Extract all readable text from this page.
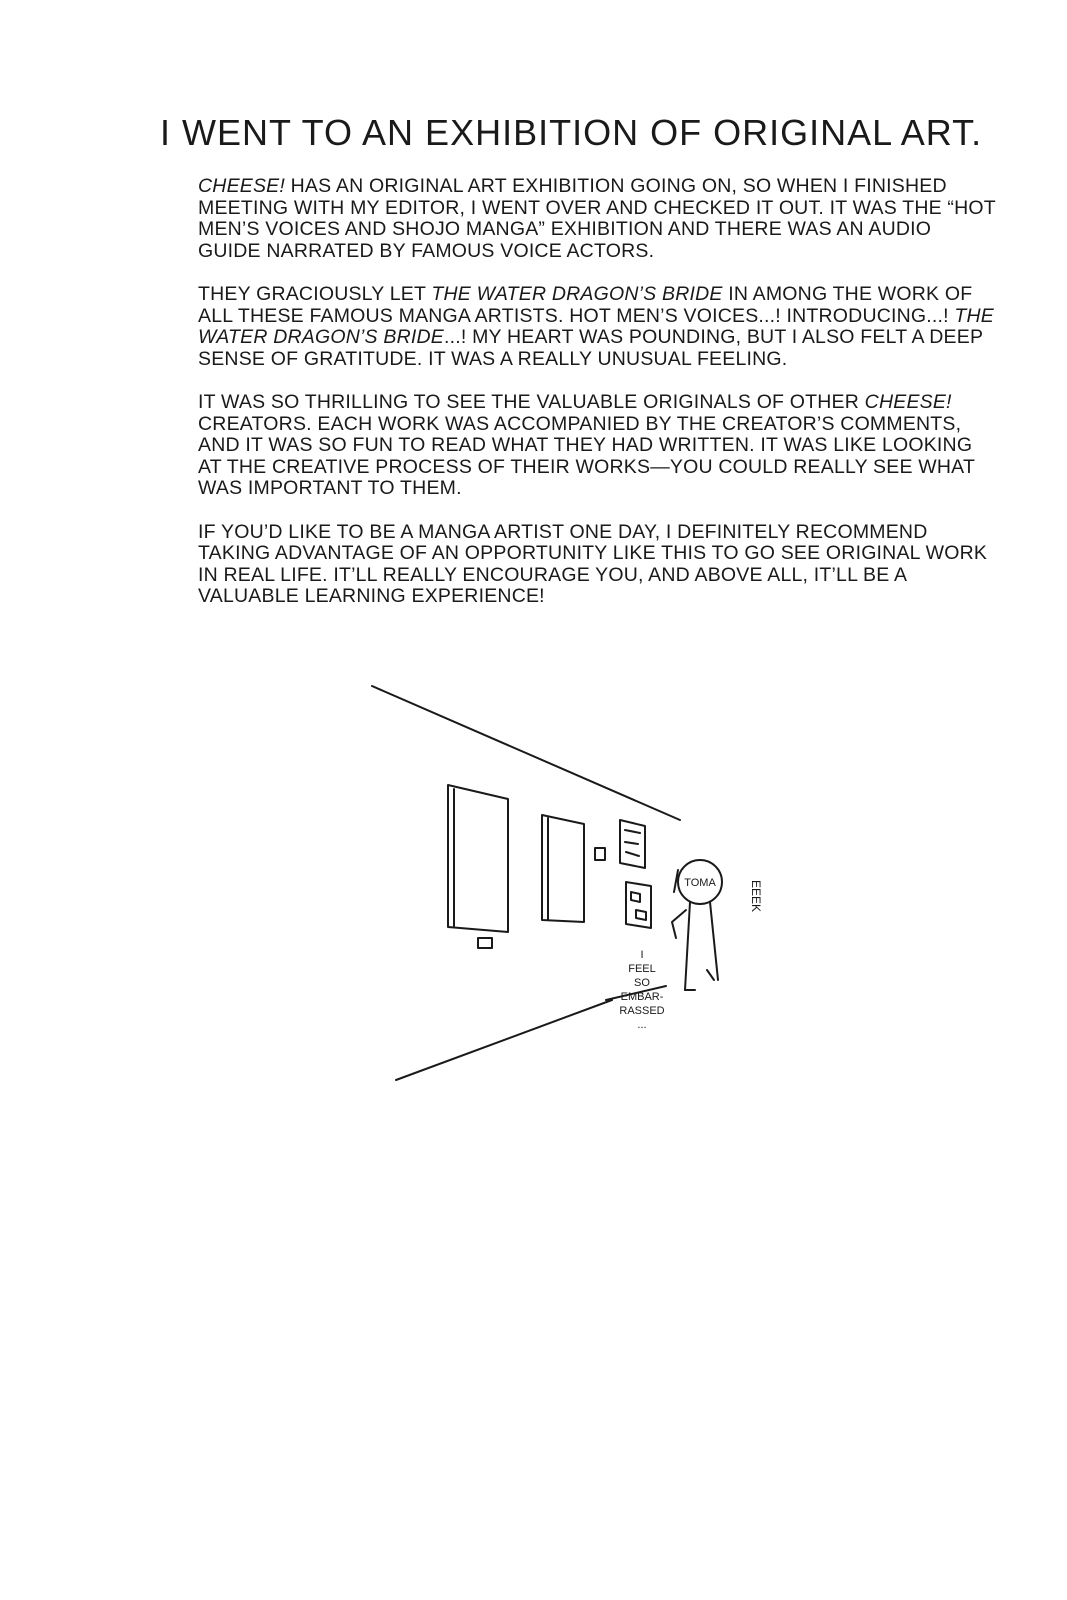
I WENT TO AN EXHIBITION OF ORIGINAL ART.

CHEESE! HAS AN ORIGINAL ART EXHIBITION GOING ON, SO WHEN I FINISHED MEETING WITH MY EDITOR, I WENT OVER AND CHECKED IT OUT. IT WAS THE “HOT MEN’S VOICES AND SHOJO MANGA” EXHIBITION AND THERE WAS AN AUDIO GUIDE NARRATED BY FAMOUS VOICE ACTORS.

THEY GRACIOUSLY LET THE WATER DRAGON’S BRIDE IN AMONG THE WORK OF ALL THESE FAMOUS MANGA ARTISTS. HOT MEN’S VOICES...! INTRODUCING...! THE WATER DRAGON’S BRIDE...! MY HEART WAS POUNDING, BUT I ALSO FELT A DEEP SENSE OF GRATITUDE. IT WAS A REALLY UNUSUAL FEELING.

IT WAS SO THRILLING TO SEE THE VALUABLE ORIGINALS OF OTHER CHEESE! CREATORS. EACH WORK WAS ACCOMPANIED BY THE CREATOR’S COMMENTS, AND IT WAS SO FUN TO READ WHAT THEY HAD WRITTEN. IT WAS LIKE LOOKING AT THE CREATIVE PROCESS OF THEIR WORKS—YOU COULD REALLY SEE WHAT WAS IMPORTANT TO THEM.

IF YOU’D LIKE TO BE A MANGA ARTIST ONE DAY, I DEFINITELY RECOMMEND TAKING ADVANTAGE OF AN OPPORTUNITY LIKE THIS TO GO SEE ORIGINAL WORK IN REAL LIFE. IT’LL REALLY ENCOURAGE YOU, AND ABOVE ALL, IT’LL BE A VALUABLE LEARNING EXPERIENCE!

TOMA	EEEK
I
FEEL
SO
EMBAR-
RASSED
...
